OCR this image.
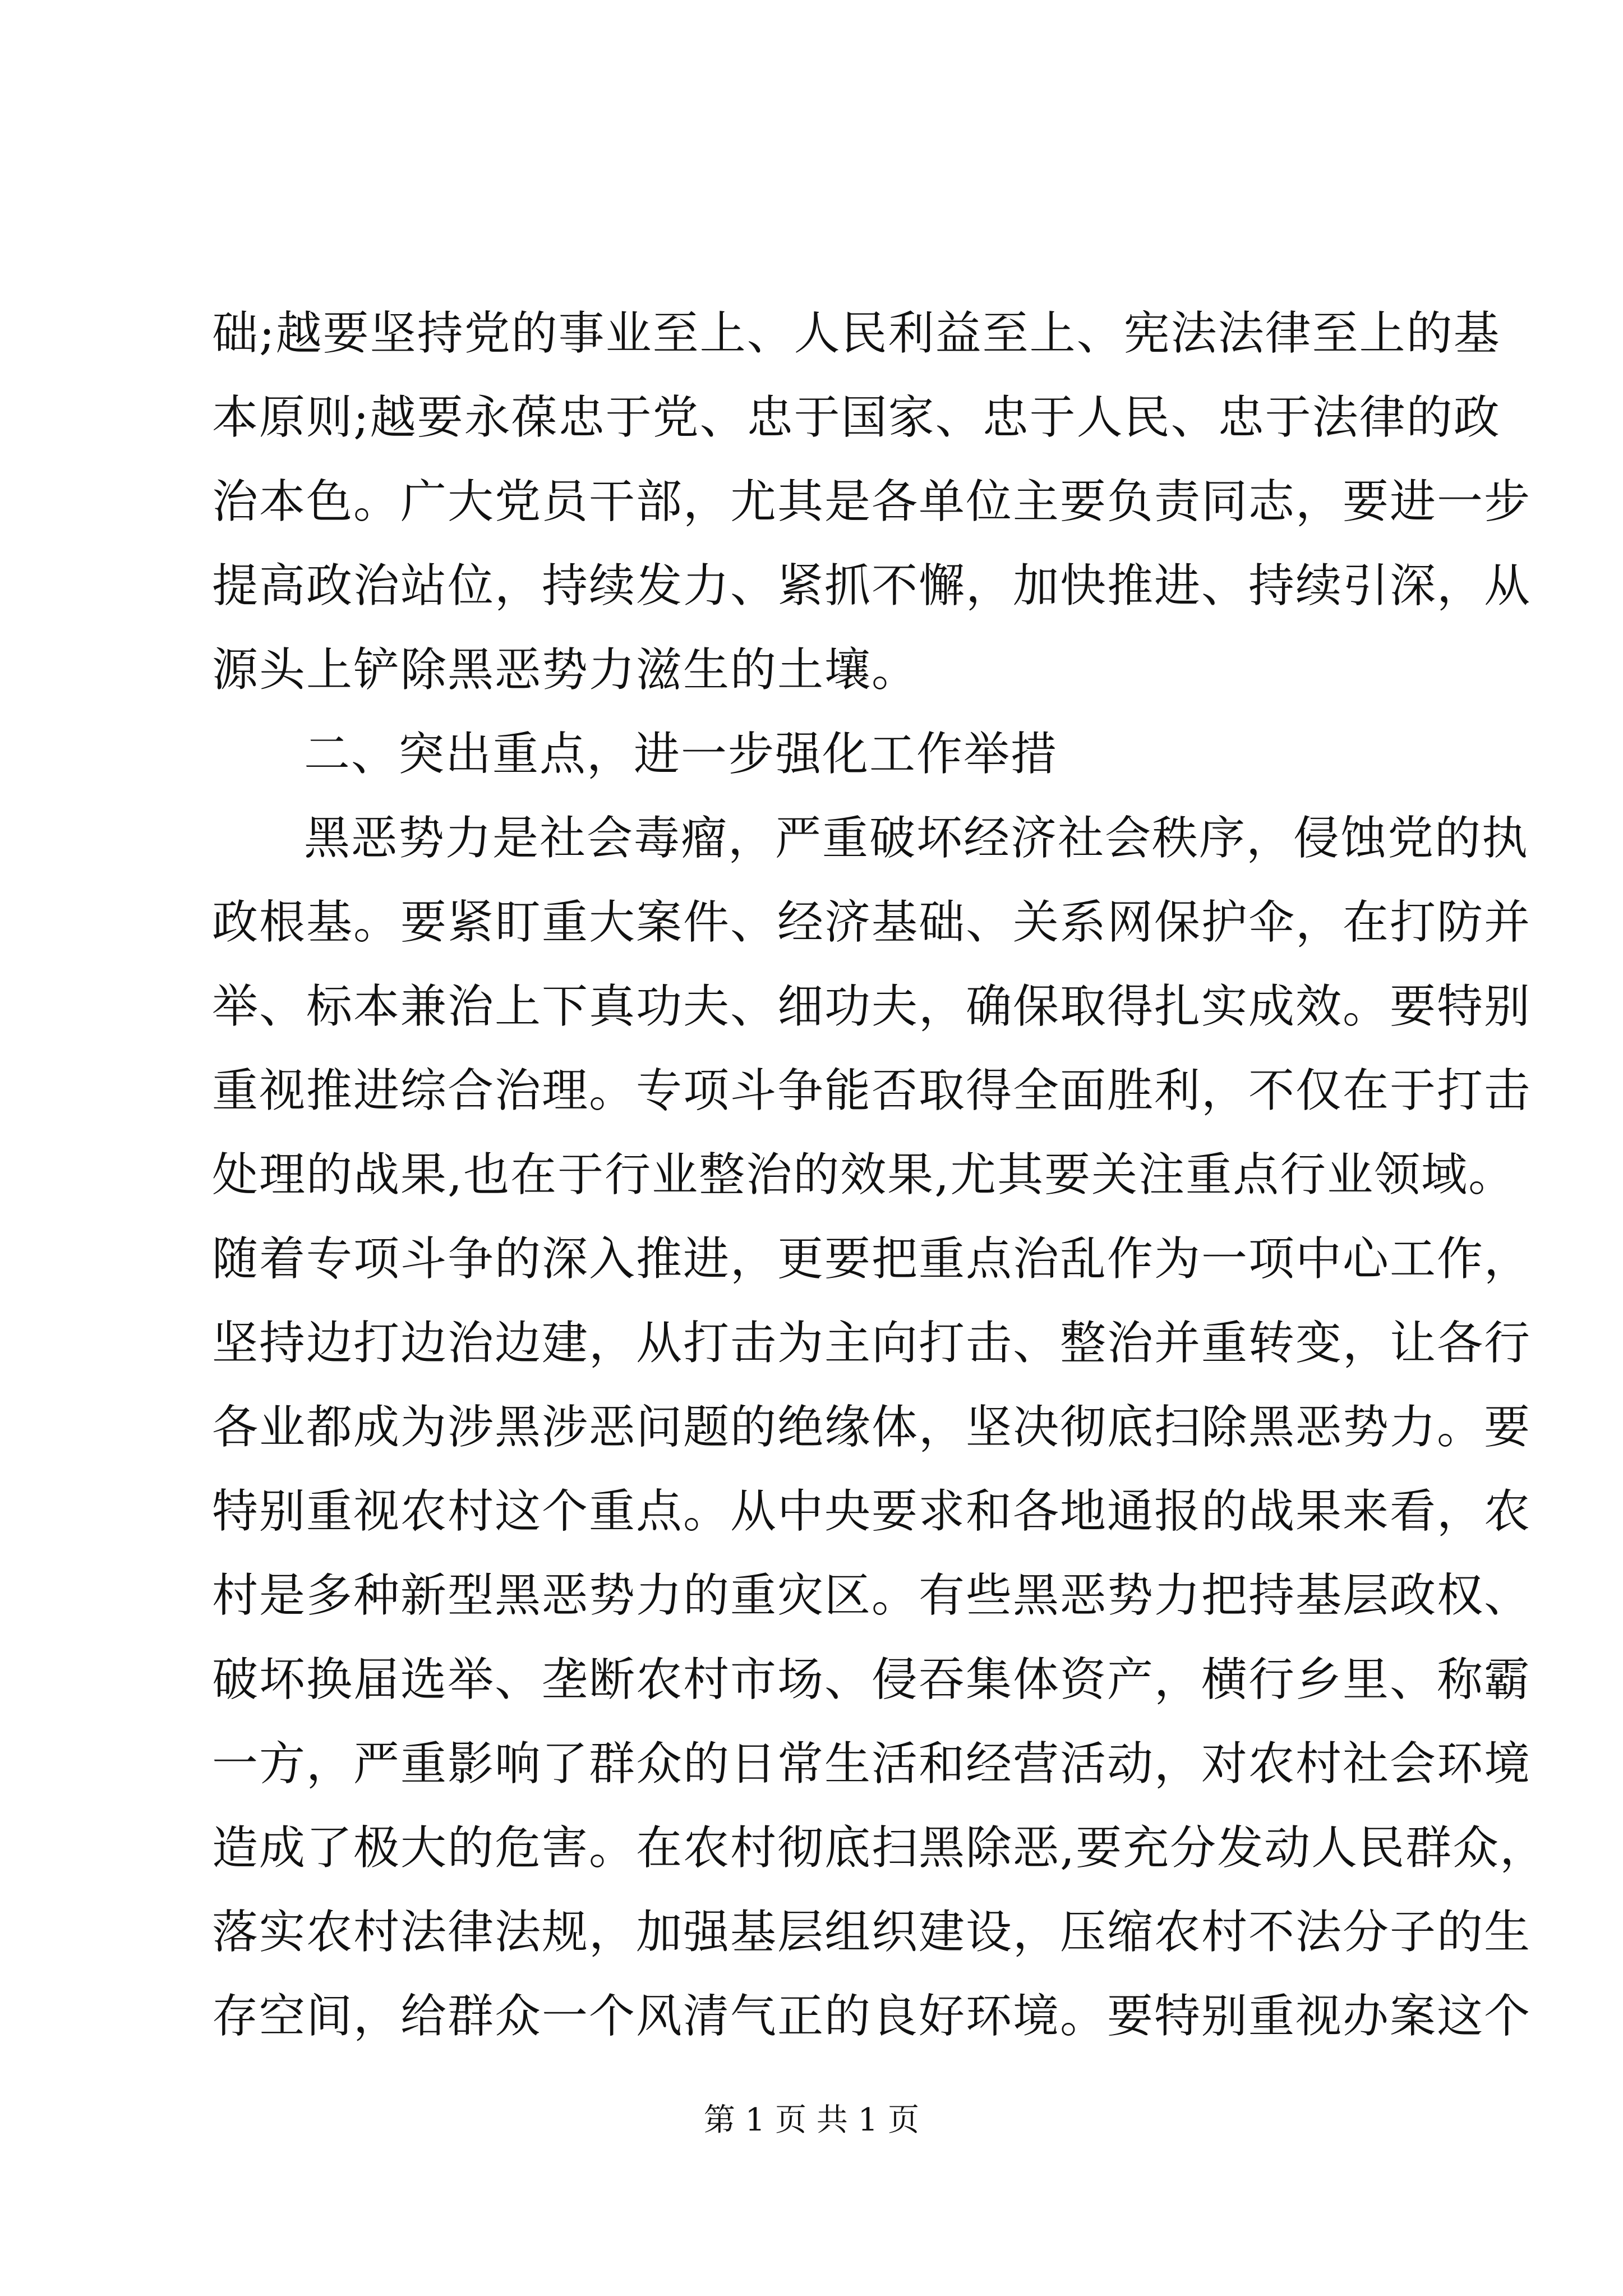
础;越要坚持党的事业至上、人民利益至上、宪法法律至上的基
本原则;越要永葆忠于党、忠于国家、忠于人民、忠于法律的政
治本色。广大党员干部，尤其是各单位主要负责同志，要进一步
提高政治站位，持续发力、紧抓不懈，加快推进、持续引深，从
源头上铲除黑恶势力滋生的土壤。
二、突出重点，进一步强化工作举措
黑恶势力是社会毒瘤，严重破坏经济社会秩序，侵蚀党的执
政根基。要紧盯重大案件、经济基础、关系网保护伞，在打防并
举、标本兼治上下真功夫、细功夫，确保取得扎实成效。要特别
重视推进综合治理。专项斗争能否取得全面胜利，不仅在于打击
处理的战果,也在于行业整治的效果,尤其要关注重点行业领域。
随着专项斗争的深入推进，更要把重点治乱作为一项中心工作，
坚持边打边治边建，从打击为主向打击、整治并重转变，让各行
各业都成为涉黑涉恶问题的绝缘体，坚决彻底扫除黑恶势力。要
特别重视农村这个重点。从中央要求和各地通报的战果来看，农
村是多种新型黑恶势力的重灾区。有些黑恶势力把持基层政权、
破坏换届选举、垄断农村市场、侵吞集体资产，横行乡里、称霸
一方，严重影响了群众的日常生活和经营活动，对农村社会环境
造成了极大的危害。在农村彻底扫黑除恶,要充分发动人民群众，
落实农村法律法规，加强基层组织建设，压缩农村不法分子的生
存空间，给群众一个风清气正的良好环境。要特别重视办案这个
第 1 页 共 1 页
